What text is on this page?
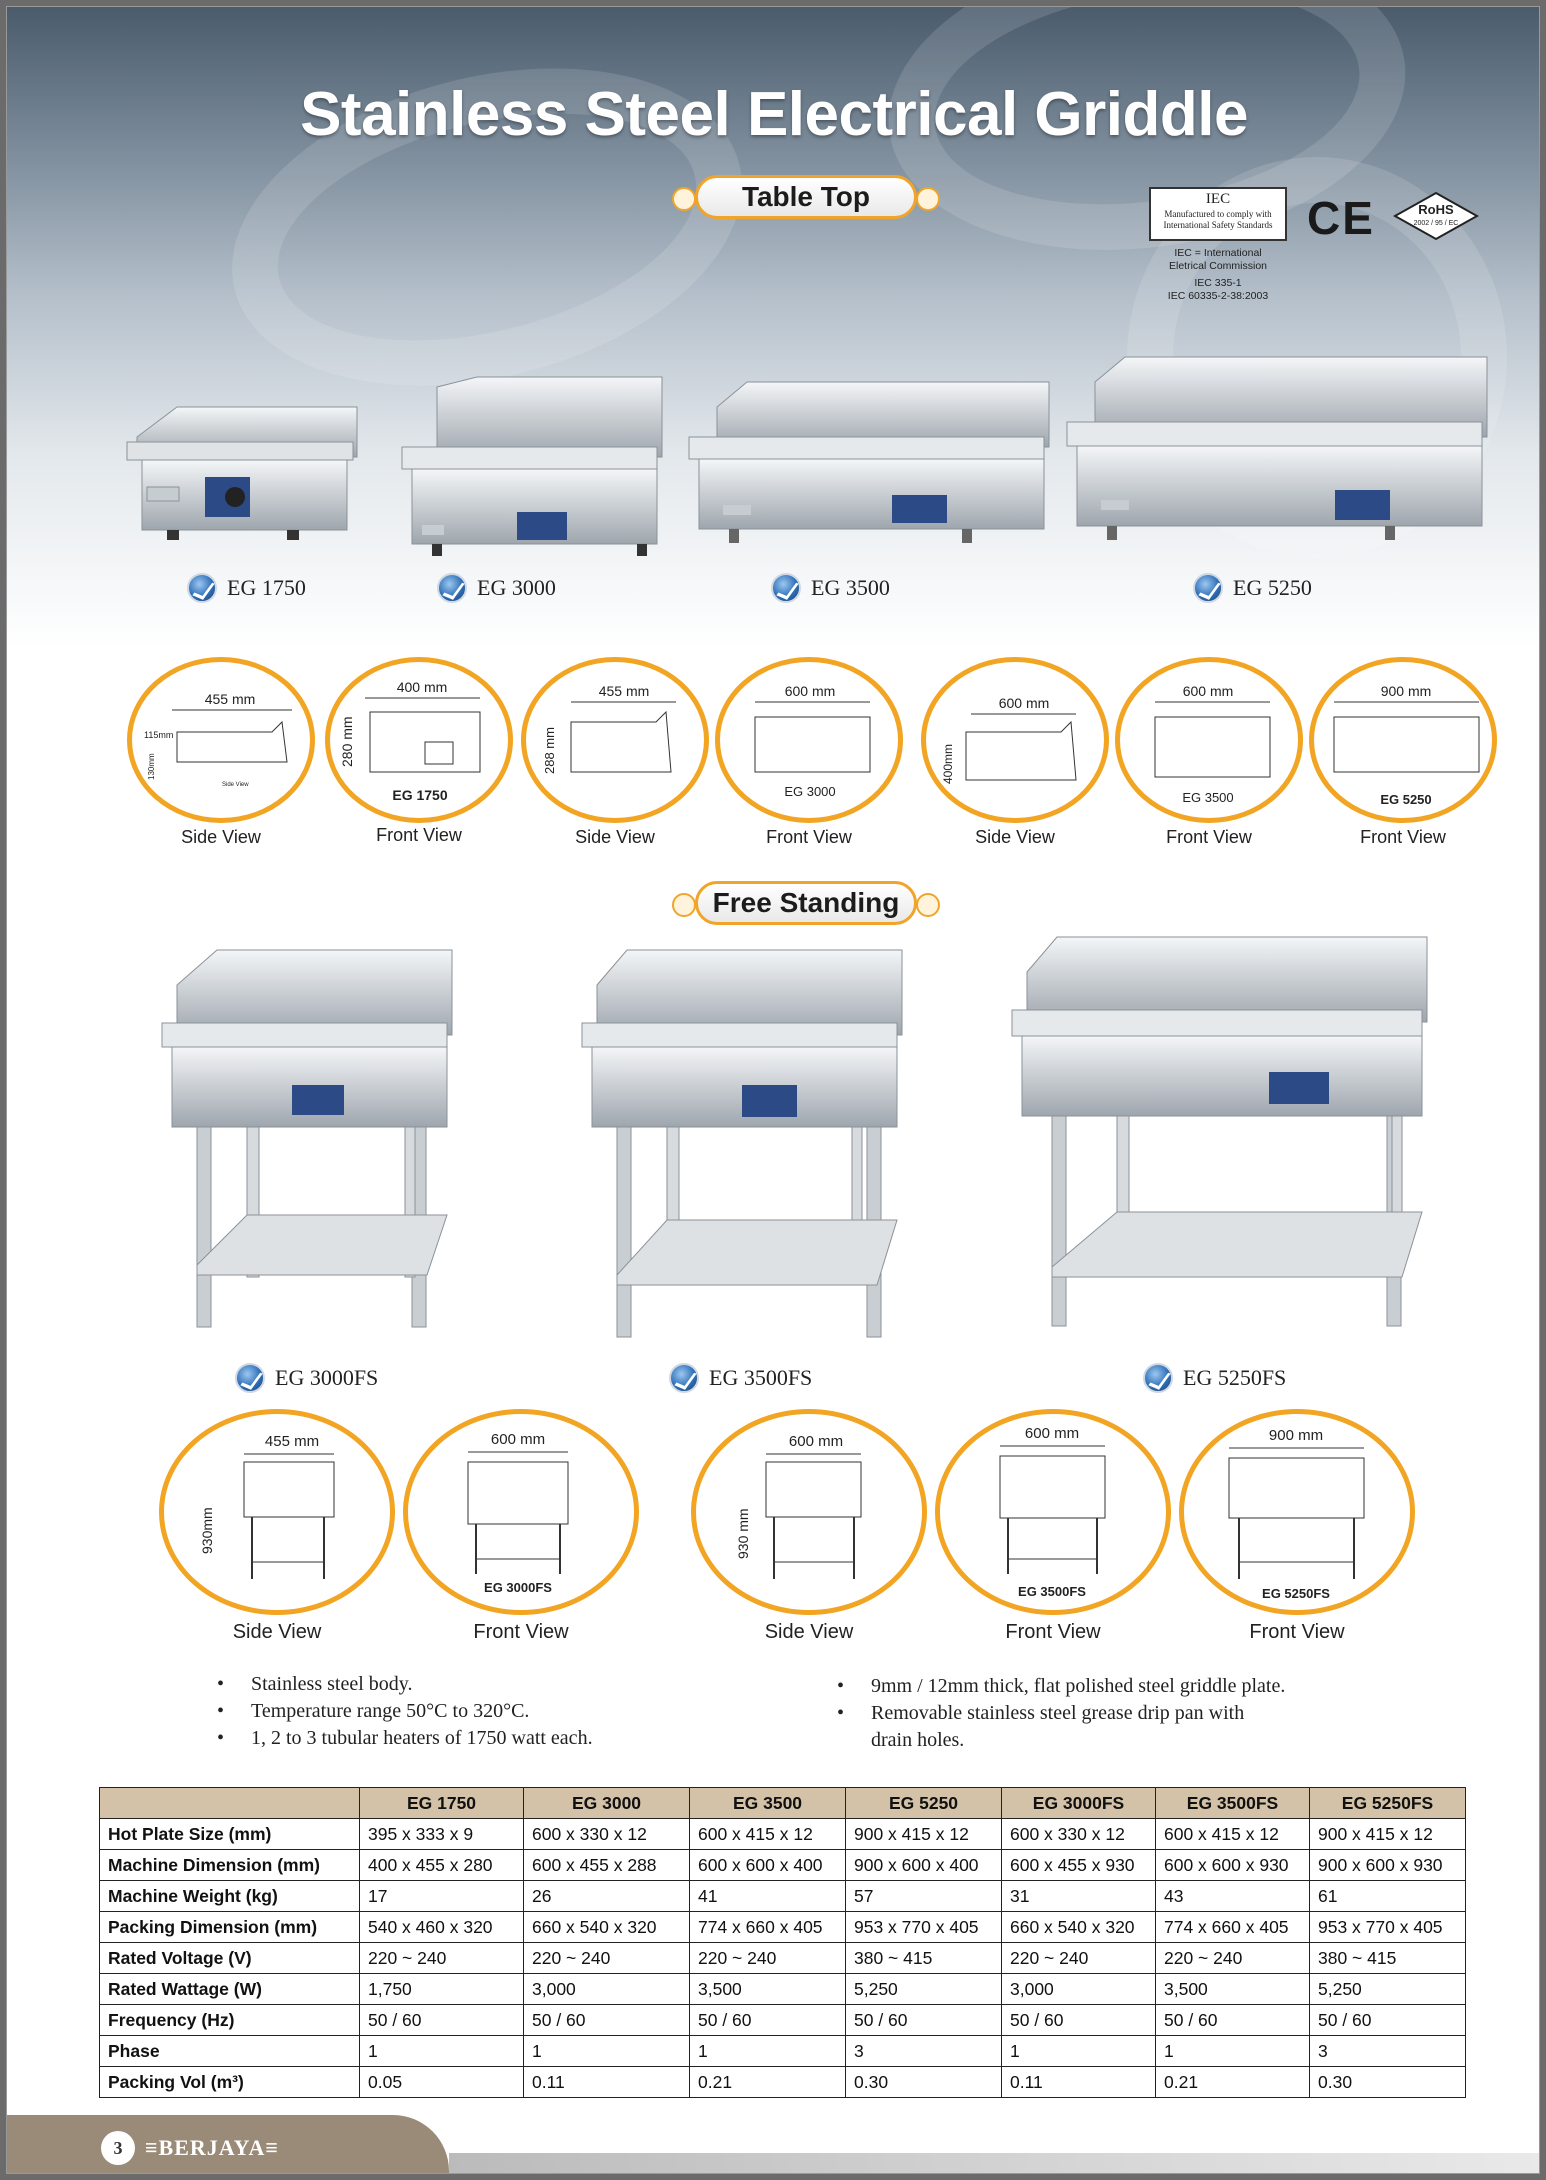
Stainless Steel Electrical Griddle
Table Top	IEC
Manufactured to comply with
International Safety Standards
IEC = International
Eletrical Commission
IEC 335-1
IEC 60335-2-38:2003
CE	RoHS
2002 / 95 / EC
EG 1750	EG 3000	EG 3500	EG 5250
455 mm
115mm
130mm
Side View
400 mm
280 mm
EG 1750
455 mm
288 mm
600 mm
EG 3000
600 mm
400mm
600 mm
EG 3500
900 mm
EG 5250
Side View	Front View	Side View	Front View	Side View	Front View	Front View
Free Standing
EG 3000FS	EG 3500FS	EG 5250FS
455 mm
930mm
600 mm
EG 3000FS
600 mm
930 mm
600 mm
EG 3500FS
900 mm
EG 5250FS
Side View	Front View	Side View	Front View	Front View
• Stainless steel body.
• Temperature range 50°C to 320°C.
• 1, 2 to 3 tubular heaters of 1750 watt each.
• 9mm / 12mm thick, flat polished steel griddle plate.
• Removable stainless steel grease drip pan with
drain holes.
	EG 1750	EG 3000	EG 3500	EG 5250	EG 3000FS	EG 3500FS	EG 5250FS
Hot Plate Size (mm)	395 x 333 x 9	600 x 330 x 12	600 x 415 x 12	900 x 415 x 12	600 x 330 x 12	600 x 415 x 12	900 x 415 x 12
Machine Dimension (mm)	400 x 455 x 280	600 x 455 x 288	600 x 600 x 400	900 x 600 x 400	600 x 455 x 930	600 x 600 x 930	900 x 600 x 930
Machine Weight (kg)	17	26	41	57	31	43	61
Packing Dimension (mm)	540 x 460 x 320	660 x 540 x 320	774 x 660 x 405	953 x 770 x 405	660 x 540 x 320	774 x 660 x 405	953 x 770 x 405
Rated Voltage (V)	220 ~ 240	220 ~ 240	220 ~ 240	380 ~ 415	220 ~ 240	220 ~ 240	380 ~ 415
Rated Wattage (W)	1,750	3,000	3,500	5,250	3,000	3,500	5,250
Frequency (Hz)	50 / 60	50 / 60	50 / 60	50 / 60	50 / 60	50 / 60	50 / 60
Phase	1	1	1	3	1	1	3
Packing Vol (m³)	0.05	0.11	0.21	0.30	0.11	0.21	0.30
3	≡BERJAYA≡
